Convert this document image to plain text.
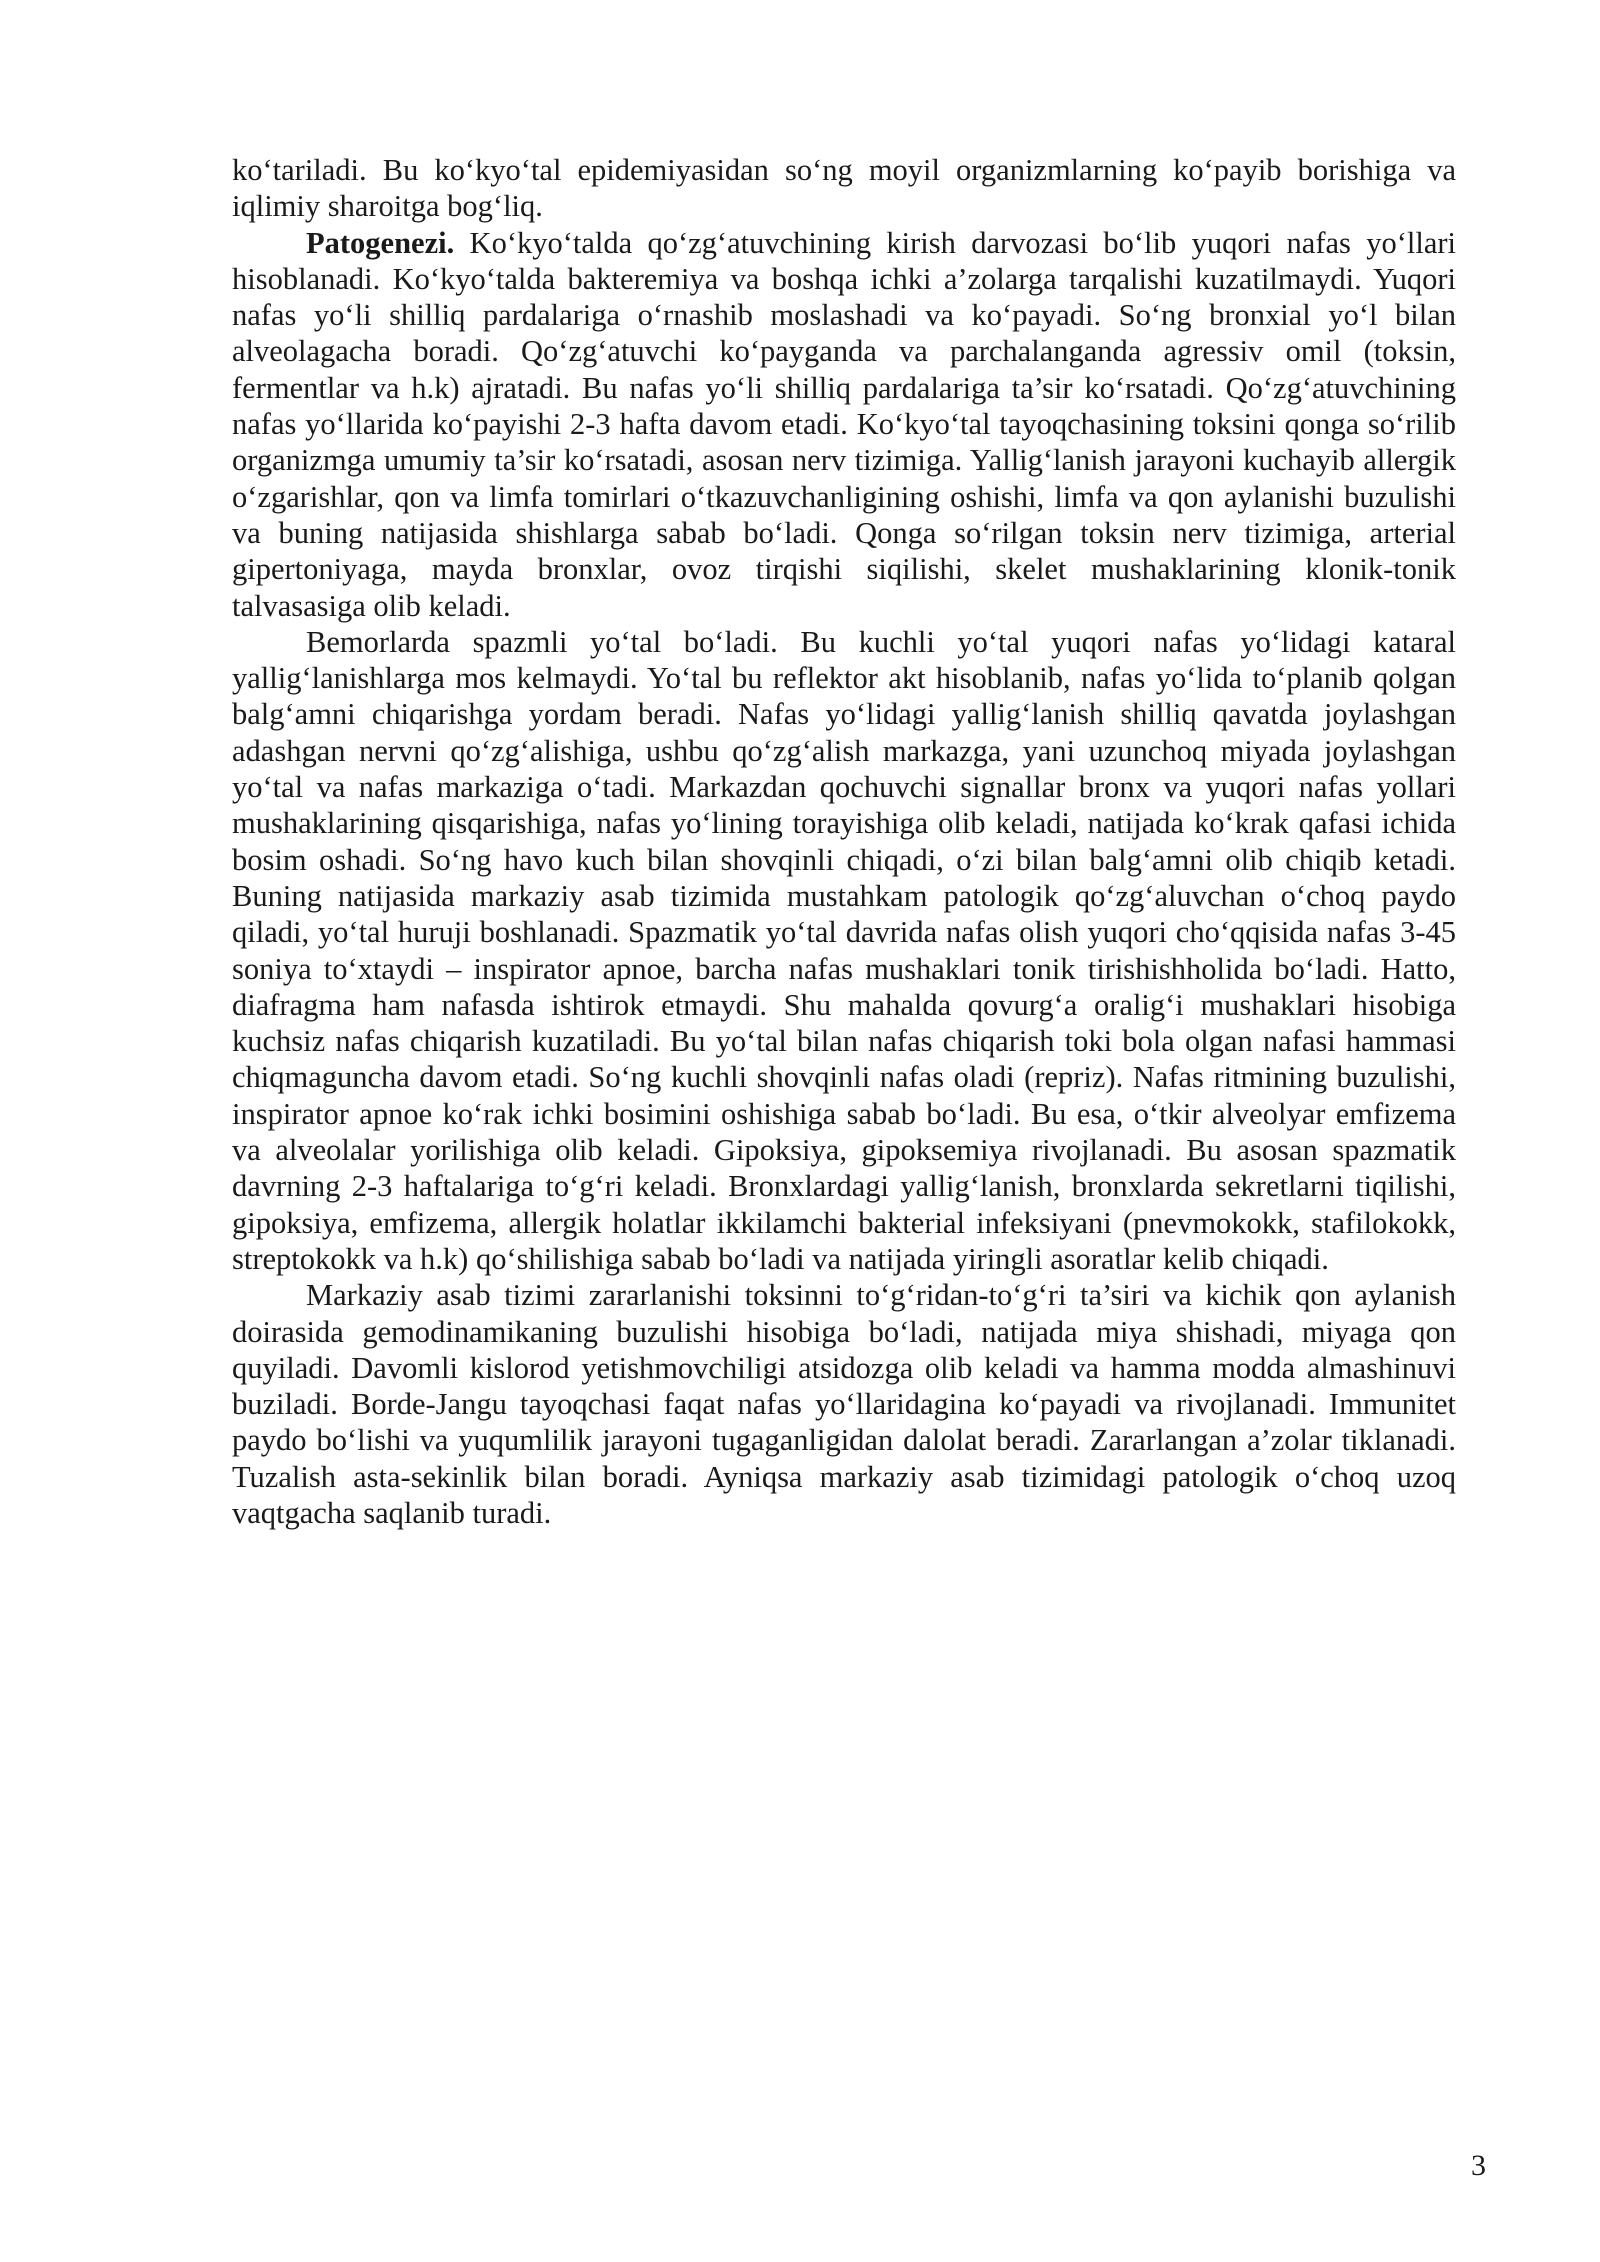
ko‘tariladi. Bu ko‘kyo‘tal epidemiyasidan so‘ng moyil organizmlarning ko‘payib borishiga va iqlimiy sharoitga bog‘liq.

Patogenezi. Ko‘kyo‘talda qo‘zg‘atuvchining kirish darvozasi bo‘lib yuqori nafas yo‘llari hisoblanadi. Ko‘kyo‘talda bakteremiya va boshqa ichki a’zolarga tarqalishi kuzatilmaydi. Yuqori nafas yo‘li shilliq pardalariga o‘rnashib moslashadi va ko‘payadi. So‘ng bronxial yo‘l bilan alveolagacha boradi. Qo‘zg‘atuvchi ko‘payganda va parchalanganda agressiv omil (toksin, fermentlar va h.k) ajratadi. Bu nafas yo‘li shilliq pardalariga ta’sir ko‘rsatadi. Qo‘zg‘atuvchining nafas yo‘llarida ko‘payishi 2-3 hafta davom etadi. Ko‘kyo‘tal tayoqchasining toksini qonga so‘rilib organizmga umumiy ta’sir ko‘rsatadi, asosan nerv tizimiga. Yallig‘lanish jarayoni kuchayib allergik o‘zgarishlar, qon va limfa tomirlari o‘tkazuvchanligining oshishi, limfa va qon aylanishi buzulishi va buning natijasida shishlarga sabab bo‘ladi. Qonga so‘rilgan toksin nerv tizimiga, arterial gipertoniyaga, mayda bronxlar, ovoz tirqishi siqilishi, skelet mushaklarining klonik-tonik talvasasiga olib keladi.

Bemorlarda spazmli yo‘tal bo‘ladi. Bu kuchli yo‘tal yuqori nafas yo‘lidagi kataral yallig‘lanishlarga mos kelmaydi. Yo‘tal bu reflektor akt hisoblanib, nafas yo‘lida to‘planib qolgan balg‘amni chiqarishga yordam beradi. Nafas yo‘lidagi yallig‘lanish shilliq qavatda joylashgan adashgan nervni qo‘zg‘alishiga, ushbu qo‘zg‘alish markazga, yani uzunchoq miyada joylashgan yo‘tal va nafas markaziga o‘tadi. Markazdan qochuvchi signallar bronx va yuqori nafas yollari mushaklarining qisqarishiga, nafas yo‘lining torayishiga olib keladi, natijada ko‘krak qafasi ichida bosim oshadi. So‘ng havo kuch bilan shovqinli chiqadi, o‘zi bilan balg‘amni olib chiqib ketadi. Buning natijasida markaziy asab tizimida mustahkam patologik qo‘zg‘aluvchan o‘choq paydo qiladi, yo‘tal huruji boshlanadi. Spazmatik yo‘tal davrida nafas olish yuqori cho‘qqisida nafas 3-45 soniya to‘xtaydi – inspirator apnoe, barcha nafas mushaklari tonik tirishishholida bo‘ladi. Hatto, diafragma ham nafasda ishtirok etmaydi. Shu mahalda qovurg‘a oralig‘i mushaklari hisobiga kuchsiz nafas chiqarish kuzatiladi. Bu yo‘tal bilan nafas chiqarish toki bola olgan nafasi hammasi chiqmaguncha davom etadi. So‘ng kuchli shovqinli nafas oladi (repriz). Nafas ritmining buzulishi, inspirator apnoe ko‘rak ichki bosimini oshishiga sabab bo‘ladi. Bu esa, o‘tkir alveolyar emfizema va alveolalar yorilishiga olib keladi. Gipoksiya, gipoksemiya rivojlanadi. Bu asosan spazmatik davrning 2-3 haftalariga to‘g‘ri keladi. Bronxlardagi yallig‘lanish, bronxlarda sekretlarni tiqilishi, gipoksiya, emfizema, allergik holatlar ikkilamchi bakterial infeksiyani (pnevmokokk, stafilokokk, streptokokk va h.k) qo‘shilishiga sabab bo‘ladi va natijada yiringli asoratlar kelib chiqadi.

Markaziy asab tizimi zararlanishi toksinni to‘g‘ridan-to‘g‘ri ta’siri va kichik qon aylanish doirasida gemodinamikaning buzulishi hisobiga bo‘ladi, natijada miya shishadi, miyaga qon quyiladi. Davomli kislorod yetishmovchiligi atsidozga olib keladi va hamma modda almashinuvi buziladi. Borde-Jangu tayoqchasi faqat nafas yo‘llaridagina ko‘payadi va rivojlanadi. Immunitet paydo bo‘lishi va yuqumlilik jarayoni tugaganligidan dalolat beradi. Zararlangan a’zolar tiklanadi. Tuzalish asta-sekinlik bilan boradi. Ayniqsa markaziy asab tizimidagi patologik o‘choq uzoq vaqtgacha saqlanib turadi.

3
